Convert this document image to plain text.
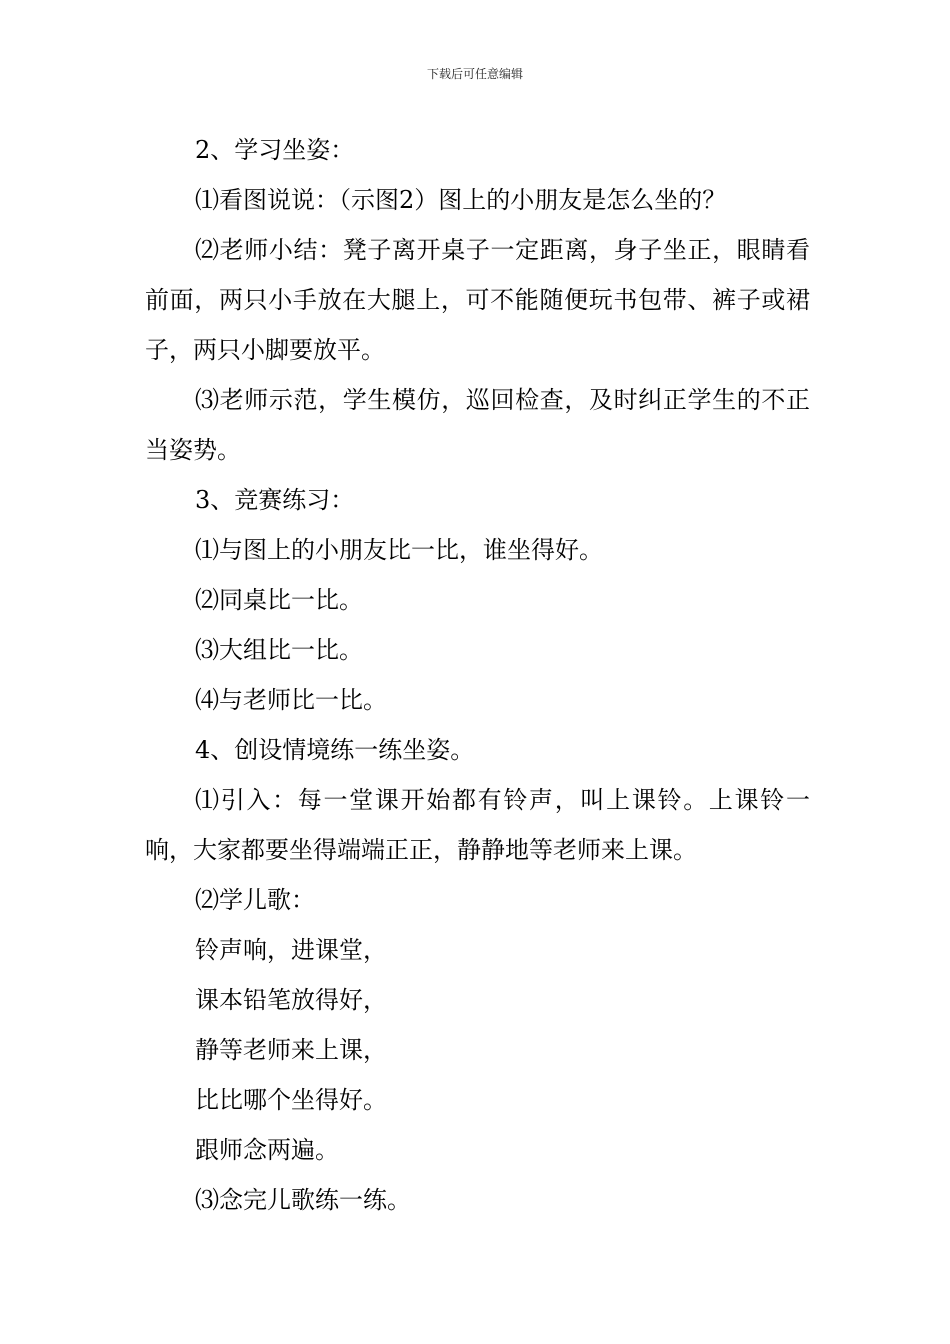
下载后可任意编辑

2、学习坐姿：

⑴看图说说：（示图2）图上的小朋友是怎么坐的？

⑵老师小结：凳子离开桌子一定距离，身子坐正，眼睛看前面，两只小手放在大腿上，可不能随便玩书包带、裤子或裙子，两只小脚要放平。

⑶老师示范，学生模仿，巡回检查，及时纠正学生的不正当姿势。

3、竞赛练习：

⑴与图上的小朋友比一比，谁坐得好。

⑵同桌比一比。

⑶大组比一比。

⑷与老师比一比。

4、创设情境练一练坐姿。

⑴引入：每一堂课开始都有铃声，叫上课铃。上课铃一响，大家都要坐得端端正正，静静地等老师来上课。

⑵学儿歌：

铃声响，进课堂，

课本铅笔放得好，

静等老师来上课，

比比哪个坐得好。

跟师念两遍。

⑶念完儿歌练一练。
